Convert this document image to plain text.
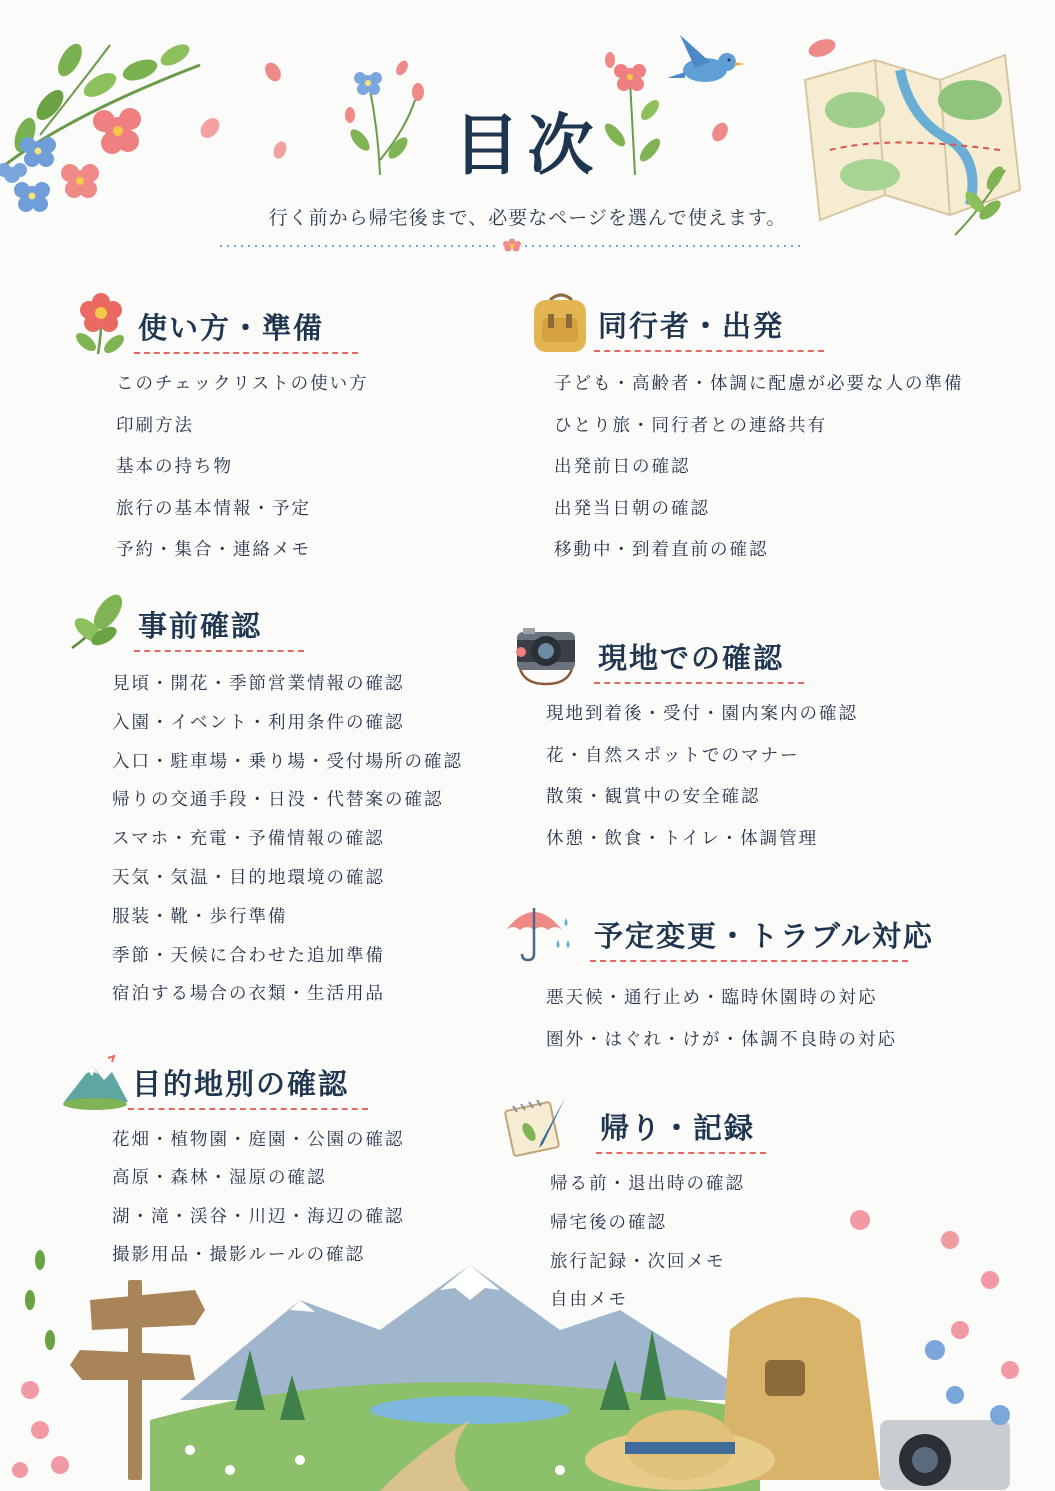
目次
行く前から帰宅後まで、必要なページを選んで使えます。
使い方・準備
このチェックリストの使い方
印刷方法
基本の持ち物
旅行の基本情報・予定
予約・集合・連絡メモ
事前確認
見頃・開花・季節営業情報の確認
入園・イベント・利用条件の確認
入口・駐車場・乗り場・受付場所の確認
帰りの交通手段・日没・代替案の確認
スマホ・充電・予備情報の確認
天気・気温・目的地環境の確認
服装・靴・歩行準備
季節・天候に合わせた追加準備
宿泊する場合の衣類・生活用品
目的地別の確認
花畑・植物園・庭園・公園の確認
高原・森林・湿原の確認
湖・滝・渓谷・川辺・海辺の確認
撮影用品・撮影ルールの確認
同行者・出発
子ども・高齢者・体調に配慮が必要な人の準備
ひとり旅・同行者との連絡共有
出発前日の確認
出発当日朝の確認
移動中・到着直前の確認
現地での確認
現地到着後・受付・園内案内の確認
花・自然スポットでのマナー
散策・観賞中の安全確認
休憩・飲食・トイレ・体調管理
予定変更・トラブル対応
悪天候・通行止め・臨時休園時の対応
圏外・はぐれ・けが・体調不良時の対応
帰り・記録
帰る前・退出時の確認
帰宅後の確認
旅行記録・次回メモ
自由メモ
